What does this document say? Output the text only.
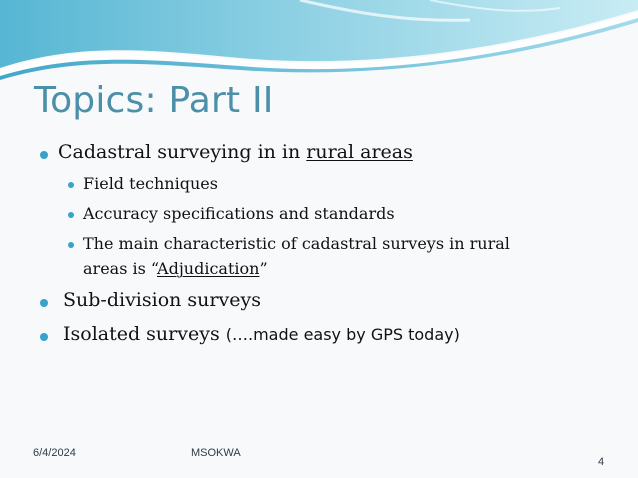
Topics: Part II
Cadastral surveying in in rural areas
Field techniques
Accuracy specifications and standards
The main characteristic of cadastral surveys in rural
areas is “Adjudication”
Sub-division surveys
Isolated surveys (….made easy by GPS today)
6/4/2024	MSOKWA
4
